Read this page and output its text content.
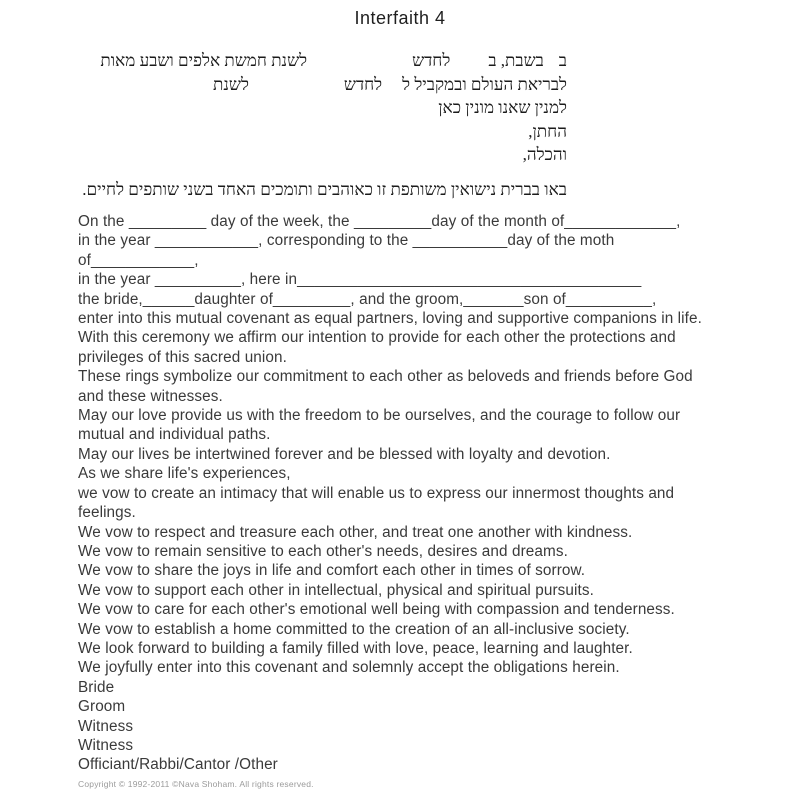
Interfaith 4
בבשבת, בלחדשלשנת חמשת אלפים ושבע מאות
לבריאת העולם ובמקביל ללחדשלשנת
למנין שאנו מונין כאן
החתן,
והכלה,
באו בברית נישואין משותפת זו כאוהבים ותומכים האחד בשני שותפים לחיים.
On the _________ day of the week, the _________day of the month of_____________,
in the year ____________, corresponding to the ___________day of the moth
of____________,
in the year __________, here in________________________________________
the bride,______daughter of_________, and the groom,_______son of__________,
enter into this mutual covenant as equal partners, loving and supportive companions in life.
With this ceremony we affirm our intention to provide for each other the protections and
privileges of this sacred union.
These rings symbolize our commitment to each other as beloveds and friends before God
and these witnesses.
May our love provide us with the freedom to be ourselves, and the courage to follow our
mutual and individual paths.
May our lives be intertwined forever and be blessed with loyalty and devotion.
As we share life's experiences,
we vow to create an intimacy that will enable us to express our innermost thoughts and
feelings.
We vow to respect and treasure each other, and treat one another with kindness.
We vow to remain sensitive to each other's needs, desires and dreams.
We vow to share the joys in life and comfort each other in times of sorrow.
We vow to support each other in intellectual, physical and spiritual pursuits.
We vow to care for each other's emotional well being with compassion and tenderness.
We vow to establish a home committed to the creation of an all-inclusive society.
We look forward to building a family filled with love, peace, learning and laughter.
We joyfully enter into this covenant and solemnly accept the obligations herein.
Bride
Groom
Witness
Witness
Officiant/Rabbi/Cantor /Other
Copyright © 1992-2011 ©Nava Shoham. All rights reserved.
